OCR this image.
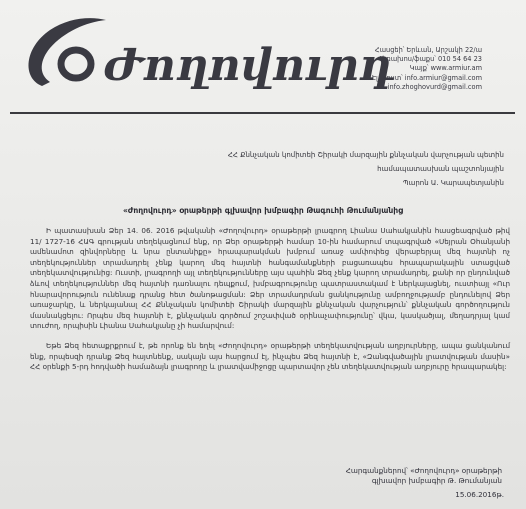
Ժողովուրդ
Հասցեի՝ Երևան, Արշակի 22/ա
Հեռախոս/ֆաքս՝ 010 54 64 23
Կայք՝ www.armiur.am
Էլ.փոստ՝ info.armiur@gmail.com
info.zhoghovurd@gmail.com
ՀՀ Քննչական կոմիտեի Շիրակի մարզային քննչական վարչության պետին
համապատասխան պաշտոնյային
Պարոն Ա. Կարապետյանին
«Ժողովուրդ» օրաթերթի գլխավոր խմբագիր Թագուհի Թումանյանից

Ի պատասխան Ձեր 14. 06. 2016 թվականի «Ժողովուրդ» օրաթերթի լրագրող Լիանա Սահակյանին հասցեագրված թիվ 11/ 1727-16 ՀԱԳ գրության տեղեկացնում ենք, որ Ձեր օրաթերթի համար 10-ին համարում տպագրված «Սեյրան Օհանյանի ամենամոտ զինվորները և նրա ընտանիքը» հրապարակման խմբում առաջ ամփոփեց վերաբերյալ մեզ հայտնի ոչ տեղեկություններ տրամադրել չենք կարող մեզ հայտնի հանգամանքների բացառապես հրապարակային ստացված տեղեկատվությունից: Ուստի, լրագրողի այլ տեղեկությունները այս պահին Ձեզ չենք կարող տրամադրել, քանի որ ընդունված ձևով տեղեկություններ մեզ հայտնի դառնալու դեպքում, խմբագրությունը պատրաստակամ է ներկայացնել, ուստիայլ «Ուր հնարավորություն ունենաք դրանց հետ ծանոթացման: Ձեր տրամադրման ցանկությունը ամբողջությամբ ընդունելով Ձեր առաջարկը, և ներկայանալ ՀՀ Քննչական կոմիտեի Շիրակի մարզային քննչական վարչություն՝ քննչական գործողություն մասնակցելու: Որպես մեզ հայտնի է, քննչական գործում շոշափված օրինաչափությունը՝ վկա, կասկածյալ, մեղադրյալ կամ տուժող, որպիսին Լիանա Սահակյանը չի համարվում:

Եթե Ձեզ հետաքրքրում է, թե որոնք են եղել «Ժողովուրդ» օրաթերթի տեղեկատվության աղբյուրները, ապա ցանկանում ենք, որպեսզի դրանք Ձեզ հայտնենք, սակայն այս հարցում էլ, ինչպես Ձեզ հայտնի է, «Զանգվածային լրատվության մասին» ՀՀ օրենքի 5-րդ հոդվածի համաձայն լրագրողը և լրատվամիջոցը պարտավոր չեն տեղեկատվության աղբյուրը հրապարակել:

Հարգանքներով՝ «Ժողովուրդ» օրաթերթի
գլխավոր խմբագիր Թ. Թումանյան
15.06.2016թ.
